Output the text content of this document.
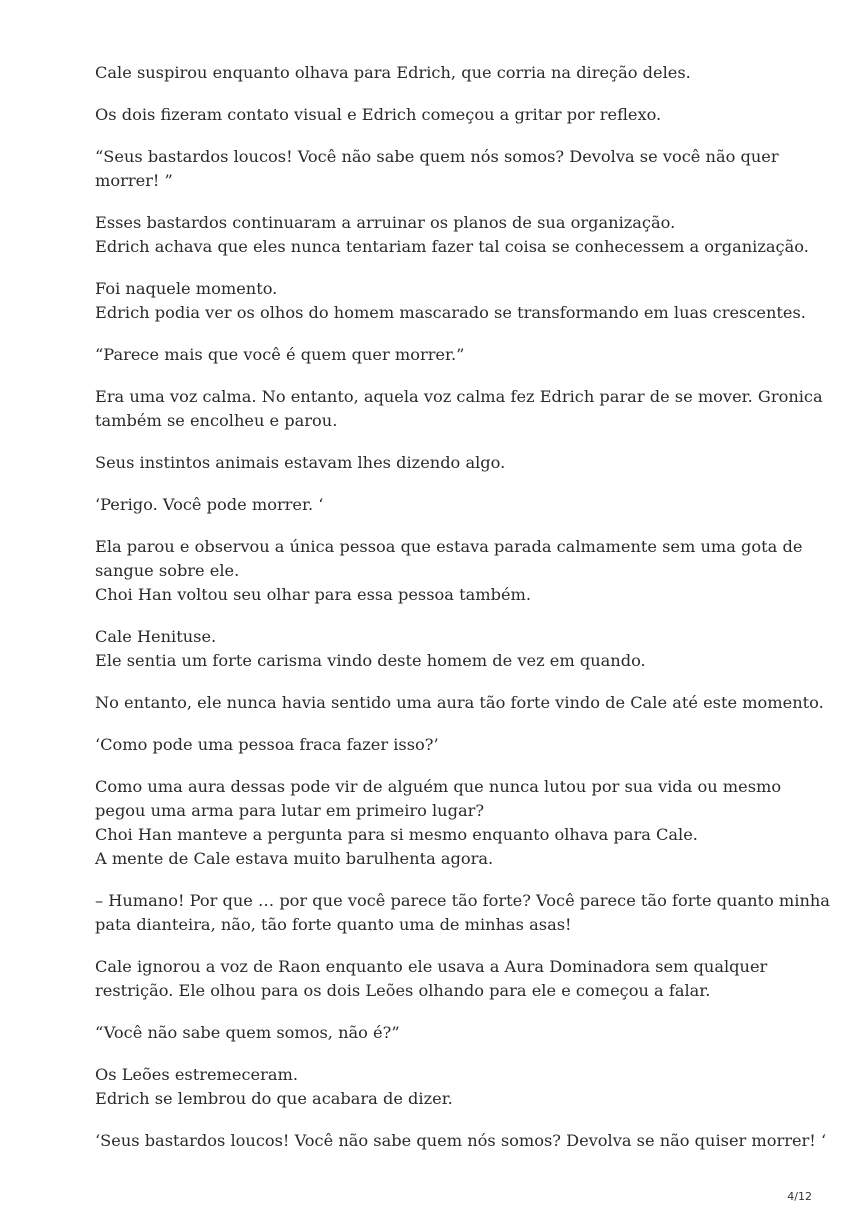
Cale suspirou enquanto olhava para Edrich, que corria na direção deles.

Os dois fizeram contato visual e Edrich começou a gritar por reflexo.

“Seus bastardos loucos! Você não sabe quem nós somos? Devolva se você não quer
morrer! ”

Esses bastardos continuaram a arruinar os planos de sua organização.
Edrich achava que eles nunca tentariam fazer tal coisa se conhecessem a organização.

Foi naquele momento.
Edrich podia ver os olhos do homem mascarado se transformando em luas crescentes.

“Parece mais que você é quem quer morrer.”

Era uma voz calma. No entanto, aquela voz calma fez Edrich parar de se mover. Gronica
também se encolheu e parou.

Seus instintos animais estavam lhes dizendo algo.

‘Perigo. Você pode morrer. ‘

Ela parou e observou a única pessoa que estava parada calmamente sem uma gota de
sangue sobre ele.
Choi Han voltou seu olhar para essa pessoa também.

Cale Henituse.
Ele sentia um forte carisma vindo deste homem de vez em quando.

No entanto, ele nunca havia sentido uma aura tão forte vindo de Cale até este momento.

‘Como pode uma pessoa fraca fazer isso?’

Como uma aura dessas pode vir de alguém que nunca lutou por sua vida ou mesmo
pegou uma arma para lutar em primeiro lugar?
Choi Han manteve a pergunta para si mesmo enquanto olhava para Cale.
A mente de Cale estava muito barulhenta agora.

– Humano! Por que … por que você parece tão forte? Você parece tão forte quanto minha
pata dianteira, não, tão forte quanto uma de minhas asas!

Cale ignorou a voz de Raon enquanto ele usava a Aura Dominadora sem qualquer
restrição. Ele olhou para os dois Leões olhando para ele e começou a falar.

“Você não sabe quem somos, não é?”

Os Leões estremeceram.
Edrich se lembrou do que acabara de dizer.

‘Seus bastardos loucos! Você não sabe quem nós somos? Devolva se não quiser morrer! ‘

4/12
